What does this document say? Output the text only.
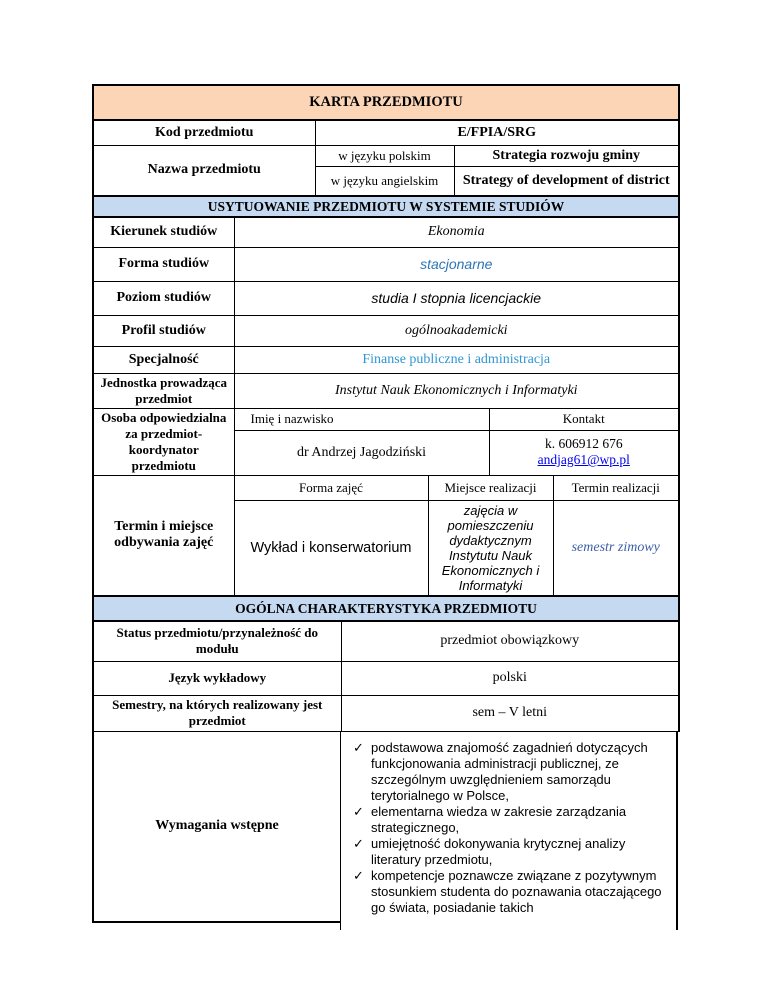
KARTA PRZEDMIOTU		
Kod przedmiotu	E/FPIA/SRG	
Nazwa przedmiotu	w języku polskim	Strategia rozwoju gminy
	w języku angielskim	Strategy of development of district
USYTUOWANIE PRZEDMIOTU W SYSTEMIE STUDIÓW	
Kierunek studiów	Ekonomia
Forma studiów	stacjonarne
Poziom studiów	studia I stopnia licencjackie
Profil studiów	ogólnoakademicki
Specjalność	Finanse publiczne i administracja
Jednostka prowadząca przedmiot	Instytut Nauk Ekonomicznych i Informatyki
Osoba odpowiedzialna za przedmiot- koordynator przedmiotu	Imię i nazwisko	Kontakt
	dr Andrzej Jagodziński	k. 606912 676
andjag61@wp.pl
Termin i miejsce odbywania zajęć	Forma zajęć	Miejsce realizacji	Termin realizacji
	Wykład i konserwatorium	zajęcia w pomieszczeniu dydaktycznym Instytutu Nauk Ekonomicznych i Informatyki	semestr zimowy
OGÓLNA CHARAKTERYSTYKA PRZEDMIOTU	
Status przedmiotu/przynależność do modułu	przedmiot obowiązkowy
Język wykładowy	polski
Semestry, na których realizowany jest przedmiot	sem – V letni
Wymagania wstępne
✓ podstawowa znajomość zagadnień dotyczących funkcjonowania administracji publicznej, ze szczególnym uwzględnieniem samorządu terytorialnego w Polsce,
✓ elementarna wiedza w zakresie zarządzania strategicznego,
✓ umiejętność dokonywania krytycznej analizy literatury przedmiotu,
✓ kompetencje poznawcze związane z pozytywnym stosunkiem studenta do poznawania otaczającego go świata, posiadanie takich
